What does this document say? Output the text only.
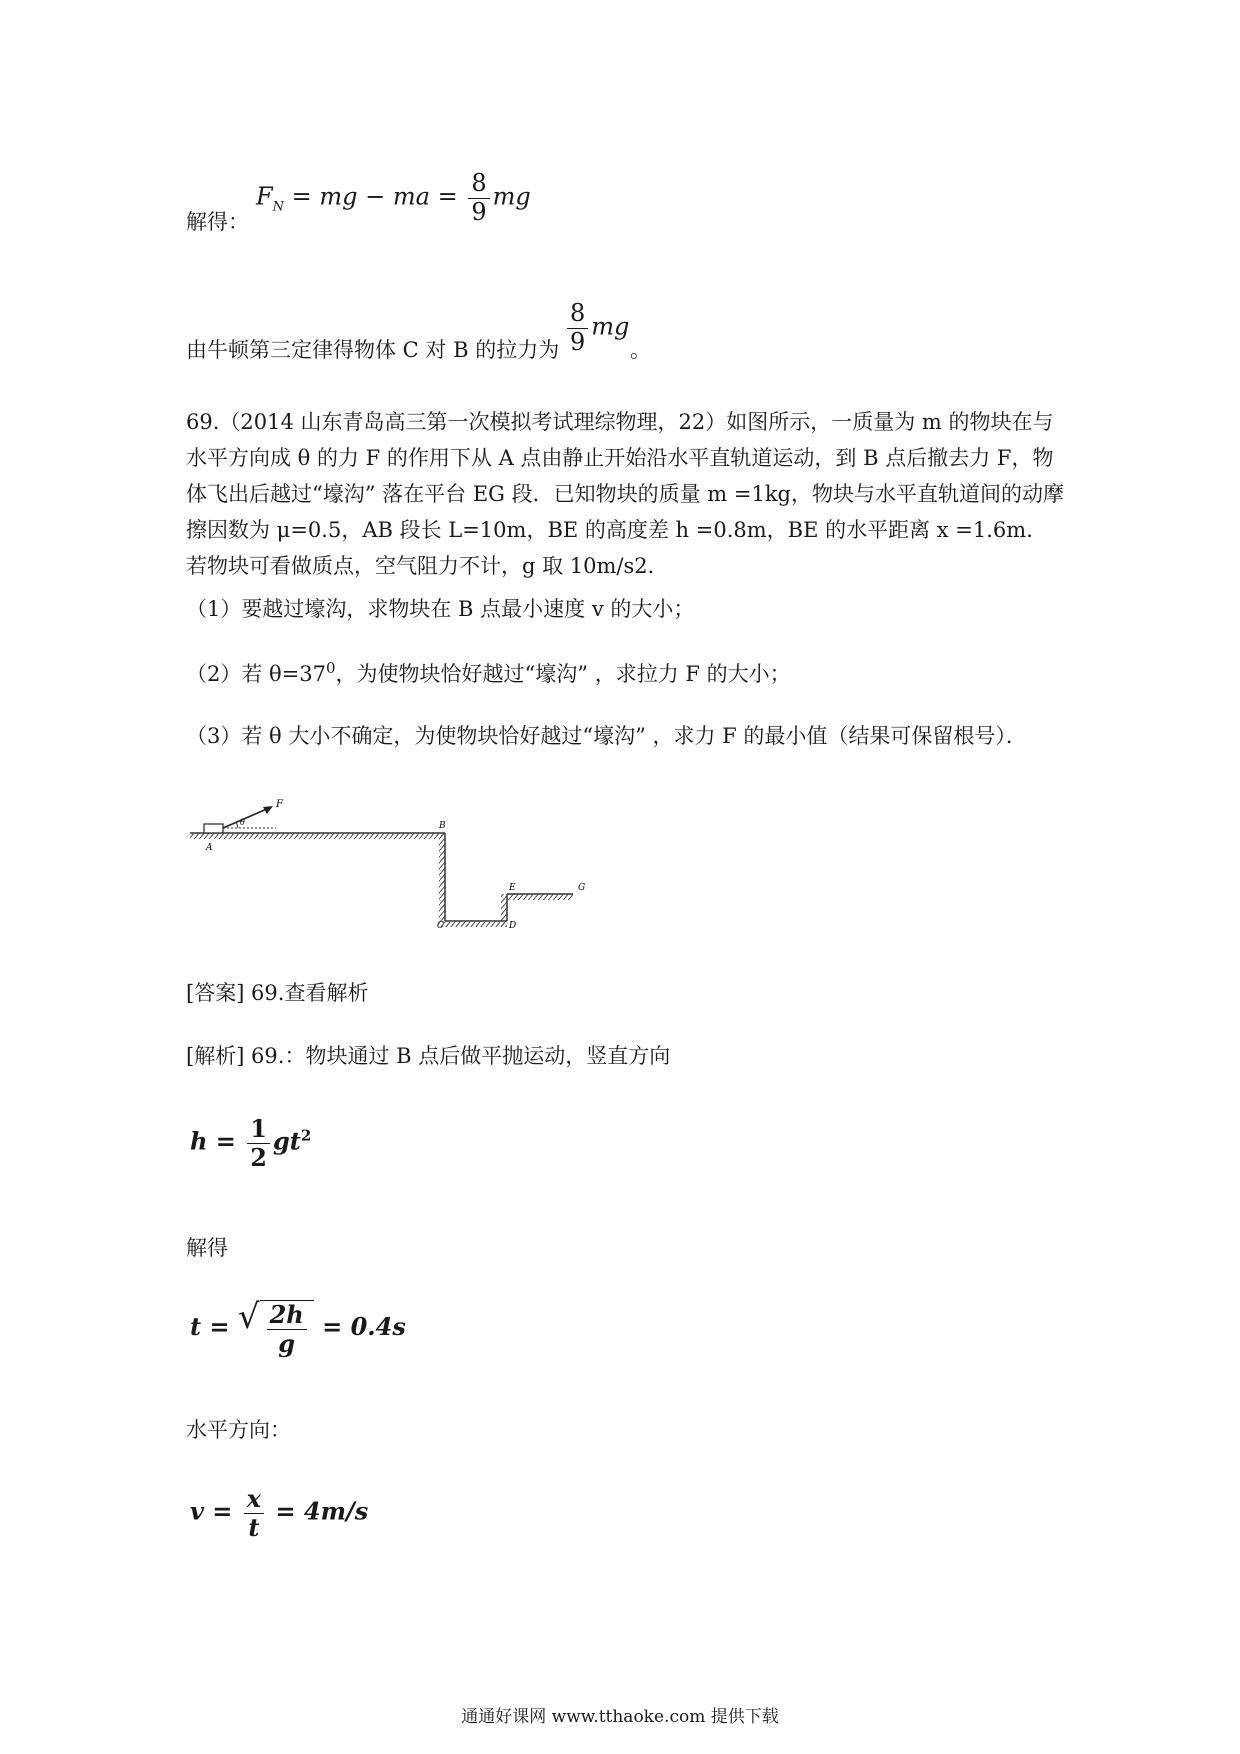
解得：
$F_N$ = mg − ma = $\frac{8}{9}$ mg
由牛顿第三定律得物体 C 对 B 的拉力为 $\frac{8}{9}$ mg
。
69.（2014 山东青岛高三第一次模拟考试理综物理，22）如图所示，一质量为 m 的物块在与水平方向成 θ 的力 F 的作用下从 A 点由静止开始沿水平直轨道运动，到 B 点后撤去力 F，物体飞出后越过“壕沟” 落在平台 EG 段．已知物块的质量 m =1kg，物块与水平直轨道间的动摩擦因数为 μ=0.5，AB 段长 L=10m，BE 的高度差 h =0.8m，BE 的水平距离 x =1.6m．若物块可看做质点，空气阻力不计，g 取 10m/s2．
（1）要越过壕沟，求物块在 B 点最小速度 v 的大小；
（2）若 $\theta=37^0$，为使物块恰好越过“壕沟” ，求拉力 F 的大小；
（3）若 θ 大小不确定，为使物块恰好越过“壕沟” ，求力 F 的最小值（结果可保留根号）．
F
θ
A
B
C	D
E	G
[答案] 69.查看解析
[解析] 69.：物块通过 B 点后做平抛运动，竖直方向
$h = \frac{1}{2} gt^2$
解得
t = √ $\frac{2h}{g} = 0.4s$
水平方向：
$v = \frac{x}{t} = 4m/s$
通通好课网 www.tthaoke.com 提供下载
